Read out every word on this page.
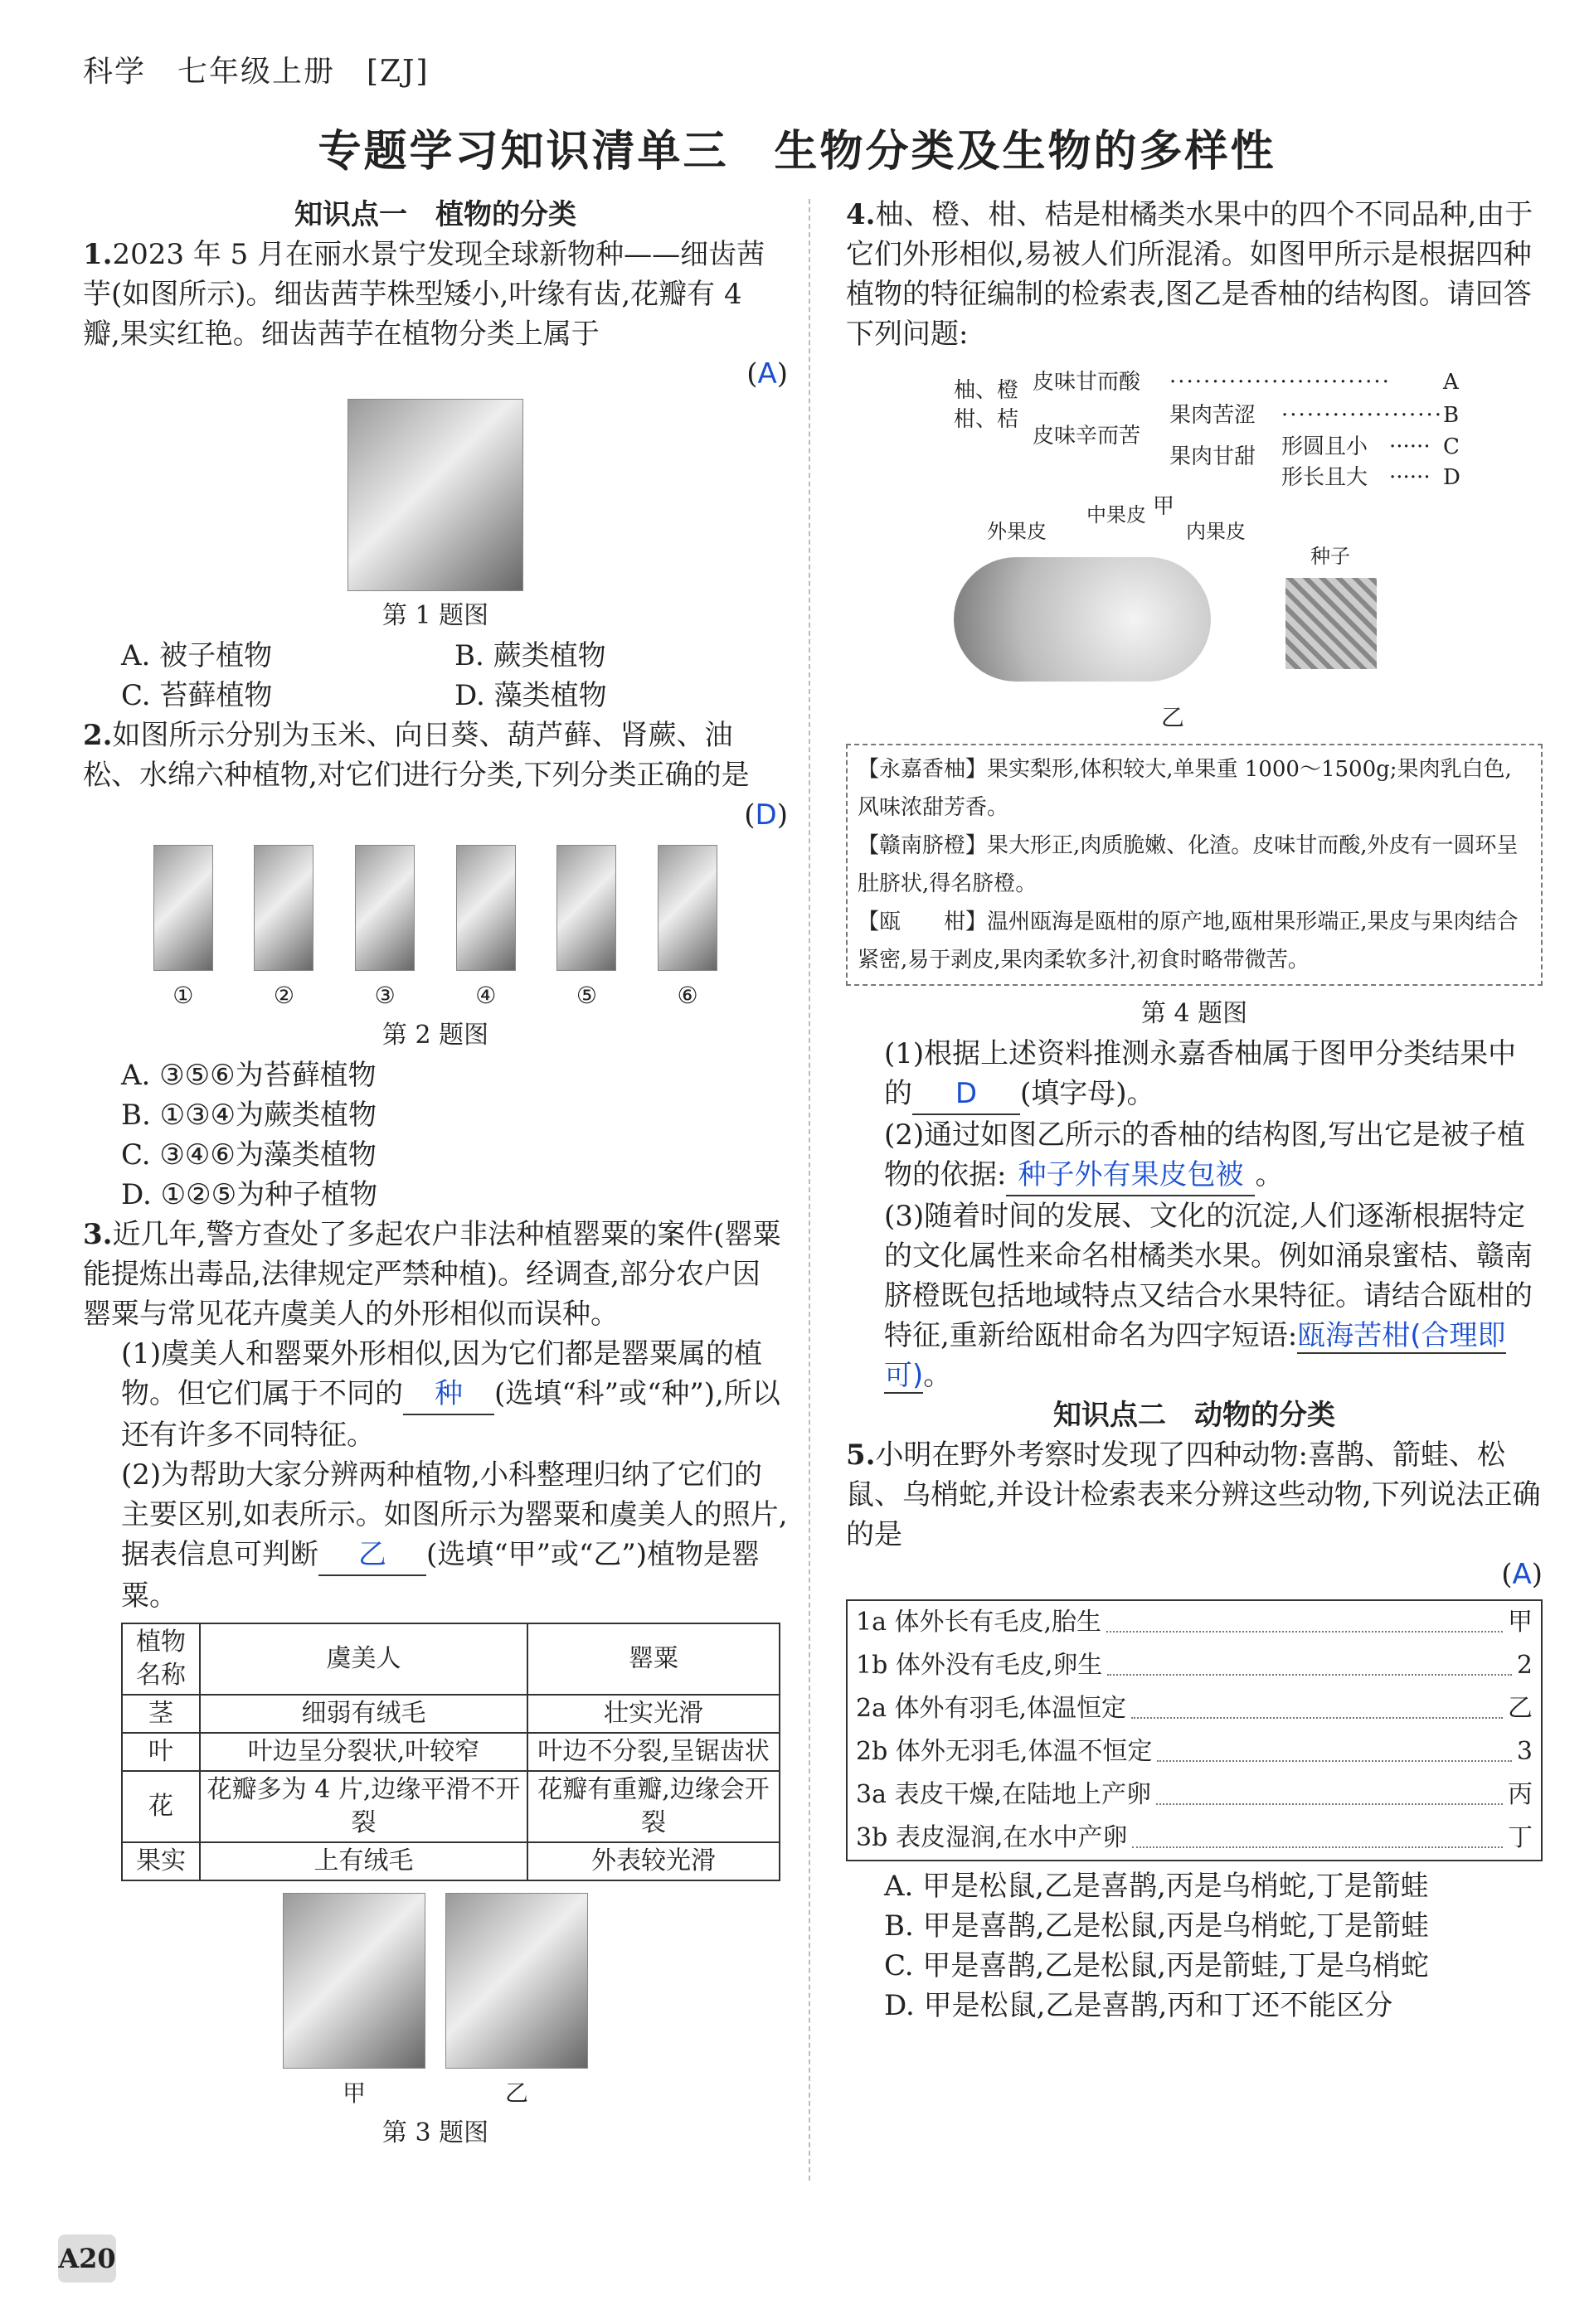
科学　七年级上册　[ZJ]
专题学习知识清单三　生物分类及生物的多样性

知识点一　植物的分类

1.2023 年 5 月在丽水景宁发现全球新物种——细齿茜芋(如图所示)。细齿茜芋株型矮小,叶缘有齿,花瓣有 4 瓣,果实红艳。细齿茜芋在植物分类上属于

(A)

第 1 题图
A. 被子植物	B. 蕨类植物
C. 苔藓植物	D. 藻类植物

2.如图所示分别为玉米、向日葵、葫芦藓、肾蕨、油松、水绵六种植物,对它们进行分类,下列分类正确的是

(D)

①	②	③	④	⑤	⑥
第 2 题图
A. ③⑤⑥为苔藓植物
B. ①③④为蕨类植物
C. ③④⑥为藻类植物
D. ①②⑤为种子植物

3.近几年,警方查处了多起农户非法种植罂粟的案件(罂粟能提炼出毒品,法律规定严禁种植)。经调查,部分农户因罂粟与常见花卉虞美人的外形相似而误种。

(1)虞美人和罂粟外形相似,因为它们都是罂粟属的植物。但它们属于不同的 种 (选填“科”或“种”),所以还有许多不同特征。

(2)为帮助大家分辨两种植物,小科整理归纳了它们的主要区别,如表所示。如图所示为罂粟和虞美人的照片,据表信息可判断 乙 (选填“甲”或“乙”)植物是罂粟。

植物名称	虞美人	罂粟
茎	细弱有绒毛	壮实光滑
叶	叶边呈分裂状,叶较窄	叶边不分裂,呈锯齿状
花	花瓣多为 4 片,边缘平滑不开裂	花瓣有重瓣,边缘会开裂
果实	上有绒毛	外表较光滑
甲	乙
第 3 题图

4.柚、橙、柑、桔是柑橘类水果中的四个不同品种,由于它们外形相似,易被人们所混淆。如图甲所示是根据四种植物的特征编制的检索表,图乙是香柚的结构图。请回答下列问题:

柚、橙
柑、桔
皮味甘而酸 ·························· A
皮味辛而苦
果肉苦涩 ··················· B
果肉甘甜 形圆且小 ······ C
形长且大 ······ D
甲
外果皮
中果皮
内果皮
种子
乙
【永嘉香柚】果实梨形,体积较大,单果重 1000～1500g;果肉乳白色,风味浓甜芳香。
【赣南脐橙】果大形正,肉质脆嫩、化渣。皮味甘而酸,外皮有一圆环呈肚脐状,得名脐橙。
【瓯　　柑】温州瓯海是瓯柑的原产地,瓯柑果形端正,果皮与果肉结合紧密,易于剥皮,果肉柔软多汁,初食时略带微苦。
第 4 题图

(1)根据上述资料推测永嘉香柚属于图甲分类结果中的 D (填字母)。

(2)通过如图乙所示的香柚的结构图,写出它是被子植物的依据: 种子外有果皮包被 。

(3)随着时间的发展、文化的沉淀,人们逐渐根据特定的文化属性来命名柑橘类水果。例如涌泉蜜桔、赣南脐橙既包括地域特点又结合水果特征。请结合瓯柑的特征,重新给瓯柑命名为四字短语:瓯海苦柑(合理即可)。

知识点二　动物的分类

5.小明在野外考察时发现了四种动物:喜鹊、箭蛙、松鼠、乌梢蛇,并设计检索表来分辨这些动物,下列说法正确的是

(A)

1a 体外长有毛皮,胎生	甲
1b 体外没有毛皮,卵生	2
2a 体外有羽毛,体温恒定	乙
2b 体外无羽毛,体温不恒定	3
3a 表皮干燥,在陆地上产卵	丙
3b 表皮湿润,在水中产卵	丁
A. 甲是松鼠,乙是喜鹊,丙是乌梢蛇,丁是箭蛙
B. 甲是喜鹊,乙是松鼠,丙是乌梢蛇,丁是箭蛙
C. 甲是喜鹊,乙是松鼠,丙是箭蛙,丁是乌梢蛇
D. 甲是松鼠,乙是喜鹊,丙和丁还不能区分
A20
